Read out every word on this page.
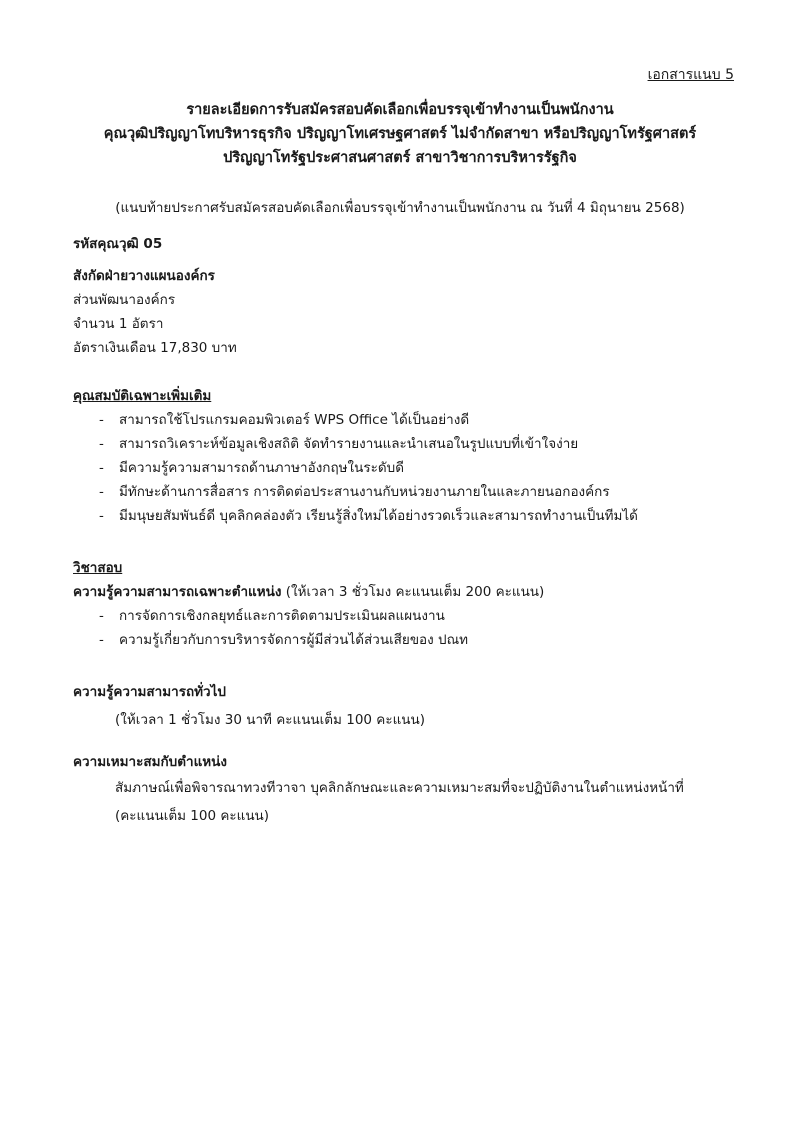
เอกสารแนบ 5
รายละเอียดการรับสมัครสอบคัดเลือกเพื่อบรรจุเข้าทำงานเป็นพนักงาน
คุณวุฒิปริญญาโทบริหารธุรกิจ ปริญญาโทเศรษฐศาสตร์ ไม่จำกัดสาขา หรือปริญญาโทรัฐศาสตร์
ปริญญาโทรัฐประศาสนศาสตร์ สาขาวิชาการบริหารรัฐกิจ
(แนบท้ายประกาศรับสมัครสอบคัดเลือกเพื่อบรรจุเข้าทำงานเป็นพนักงาน ณ วันที่ 4 มิถุนายน 2568)
รหัสคุณวุฒิ 05
สังกัดฝ่ายวางแผนองค์กร
ส่วนพัฒนาองค์กร
จำนวน 1 อัตรา
อัตราเงินเดือน 17,830 บาท
คุณสมบัติเฉพาะเพิ่มเติม
- สามารถใช้โปรแกรมคอมพิวเตอร์ WPS Office ได้เป็นอย่างดี
- สามารถวิเคราะห์ข้อมูลเชิงสถิติ จัดทำรายงานและนำเสนอในรูปแบบที่เข้าใจง่าย
- มีความรู้ความสามารถด้านภาษาอังกฤษในระดับดี
- มีทักษะด้านการสื่อสาร การติดต่อประสานงานกับหน่วยงานภายในและภายนอกองค์กร
- มีมนุษยสัมพันธ์ดี บุคลิกคล่องตัว เรียนรู้สิ่งใหม่ได้อย่างรวดเร็วและสามารถทำงานเป็นทีมได้
วิชาสอบ
ความรู้ความสามารถเฉพาะตำแหน่ง (ให้เวลา 3 ชั่วโมง คะแนนเต็ม 200 คะแนน)
- การจัดการเชิงกลยุทธ์และการติดตามประเมินผลแผนงาน
- ความรู้เกี่ยวกับการบริหารจัดการผู้มีส่วนได้ส่วนเสียของ ปณท
ความรู้ความสามารถทั่วไป
(ให้เวลา 1 ชั่วโมง 30 นาที คะแนนเต็ม 100 คะแนน)
ความเหมาะสมกับตำแหน่ง
สัมภาษณ์เพื่อพิจารณาทวงทีวาจา บุคลิกลักษณะและความเหมาะสมที่จะปฏิบัติงานในตำแหน่งหน้าที่
(คะแนนเต็ม 100 คะแนน)
